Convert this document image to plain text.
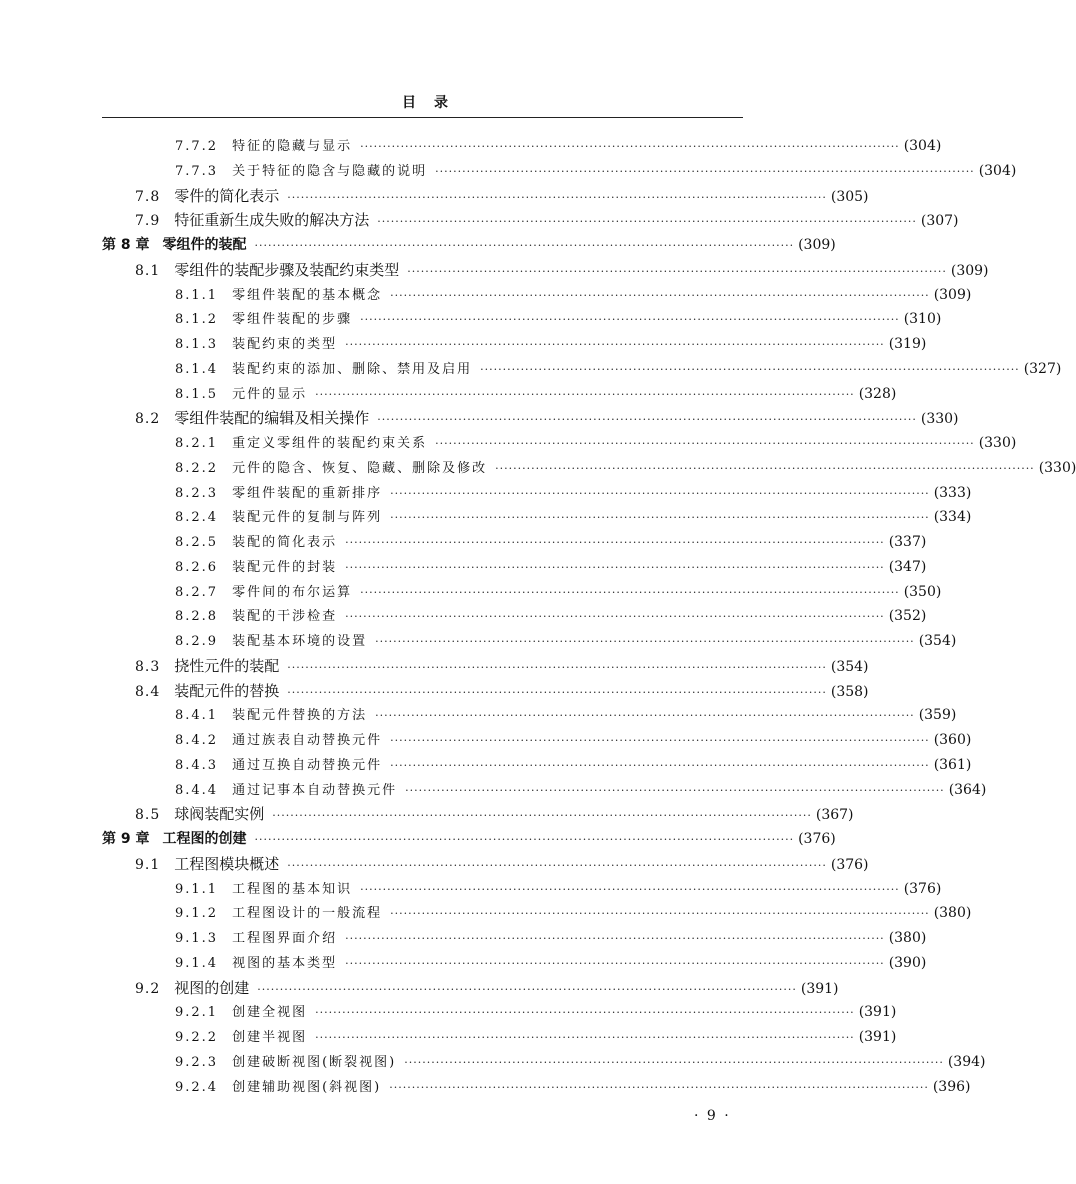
目录
7.7.2	特征的隐藏与显示 ························································································································ (304)
7.7.3	关于特征的隐含与隐藏的说明 ························································································································ (304)
7.8 零件的简化表示 ························································································································ (305)
7.9 特征重新生成失败的解决方法 ························································································································ (307)
第 8 章 零组件的装配 ························································································································ (309)
8.1 零组件的装配步骤及装配约束类型 ························································································································ (309)
8.1.1	零组件装配的基本概念 ························································································································ (309)
8.1.2	零组件装配的步骤 ························································································································ (310)
8.1.3	装配约束的类型 ························································································································ (319)
8.1.4	装配约束的添加、删除、禁用及启用 ························································································································ (327)
8.1.5	元件的显示 ························································································································ (328)
8.2 零组件装配的编辑及相关操作 ························································································································ (330)
8.2.1	重定义零组件的装配约束关系 ························································································································ (330)
8.2.2	元件的隐含、恢复、隐藏、删除及修改 ························································································································ (330)
8.2.3	零组件装配的重新排序 ························································································································ (333)
8.2.4	装配元件的复制与阵列 ························································································································ (334)
8.2.5	装配的简化表示 ························································································································ (337)
8.2.6	装配元件的封装 ························································································································ (347)
8.2.7	零件间的布尔运算 ························································································································ (350)
8.2.8	装配的干涉检查 ························································································································ (352)
8.2.9	装配基本环境的设置 ························································································································ (354)
8.3 挠性元件的装配 ························································································································ (354)
8.4 装配元件的替换 ························································································································ (358)
8.4.1	装配元件替换的方法 ························································································································ (359)
8.4.2	通过族表自动替换元件 ························································································································ (360)
8.4.3	通过互换自动替换元件 ························································································································ (361)
8.4.4	通过记事本自动替换元件 ························································································································ (364)
8.5 球阀装配实例 ························································································································ (367)
第 9 章 工程图的创建 ························································································································ (376)
9.1 工程图模块概述 ························································································································ (376)
9.1.1	工程图的基本知识 ························································································································ (376)
9.1.2	工程图设计的一般流程 ························································································································ (380)
9.1.3	工程图界面介绍 ························································································································ (380)
9.1.4	视图的基本类型 ························································································································ (390)
9.2 视图的创建 ························································································································ (391)
9.2.1	创建全视图 ························································································································ (391)
9.2.2	创建半视图 ························································································································ (391)
9.2.3	创建破断视图(断裂视图) ························································································································ (394)
9.2.4	创建辅助视图(斜视图) ························································································································ (396)
· 9 ·
